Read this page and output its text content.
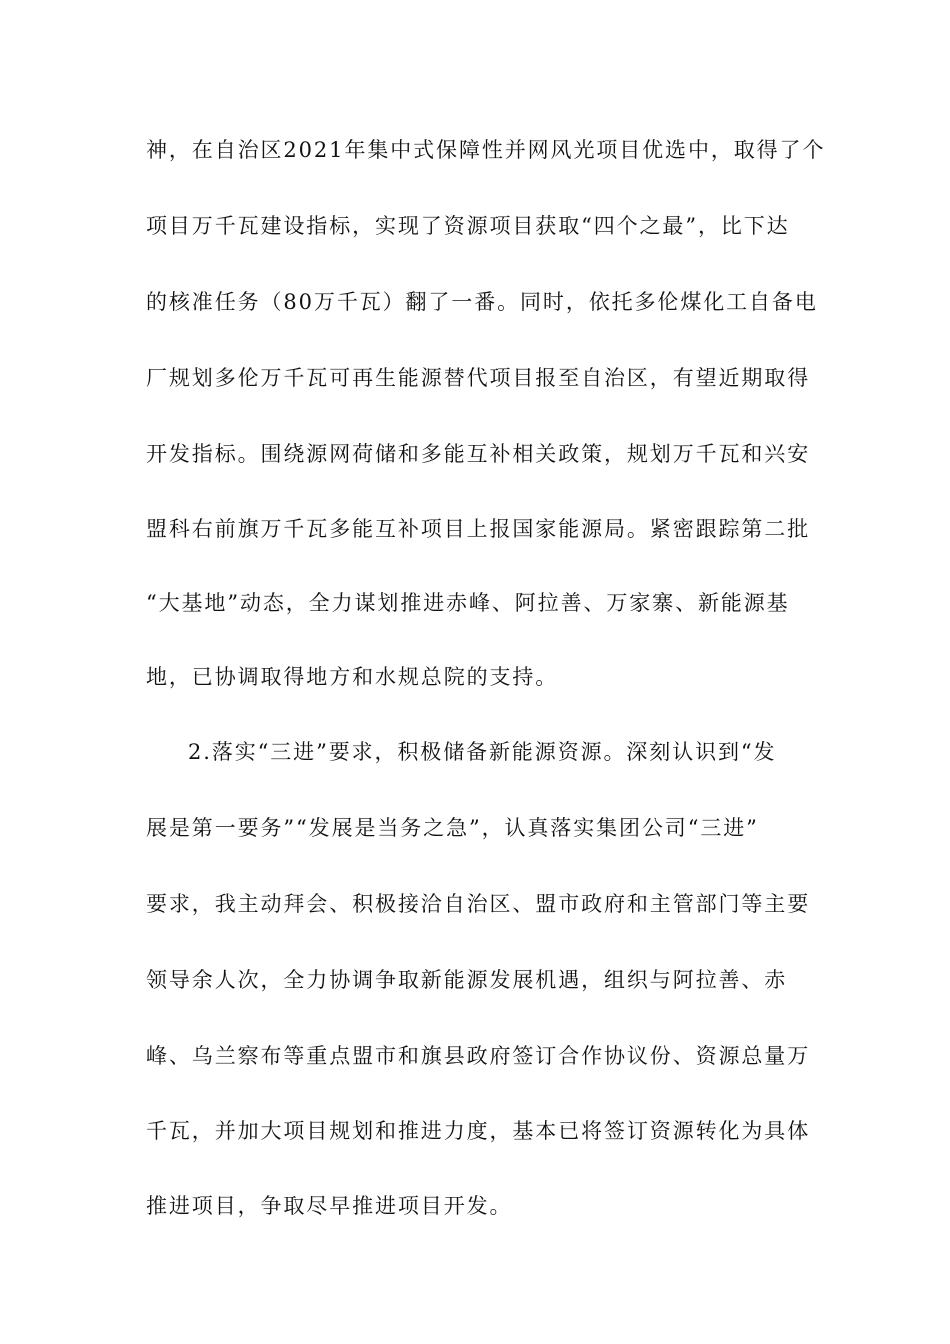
神，在自治区2021年集中式保障性并网风光项目优选中，取得了个
项目万千瓦建设指标，实现了资源项目获取“四个之最”，比下达
的核准任务（80万千瓦）翻了一番。同时，依托多伦煤化工自备电
厂规划多伦万千瓦可再生能源替代项目报至自治区，有望近期取得
开发指标。围绕源网荷储和多能互补相关政策，规划万千瓦和兴安
盟科右前旗万千瓦多能互补项目上报国家能源局。紧密跟踪第二批
“大基地”动态，全力谋划推进赤峰、阿拉善、万家寨、新能源基
地，已协调取得地方和水规总院的支持。
2.落实“三进”要求，积极储备新能源资源。深刻认识到“发
展是第一要务”“发展是当务之急”，认真落实集团公司“三进”
要求，我主动拜会、积极接洽自治区、盟市政府和主管部门等主要
领导余人次，全力协调争取新能源发展机遇，组织与阿拉善、赤
峰、乌兰察布等重点盟市和旗县政府签订合作协议份、资源总量万
千瓦，并加大项目规划和推进力度，基本已将签订资源转化为具体
推进项目，争取尽早推进项目开发。
